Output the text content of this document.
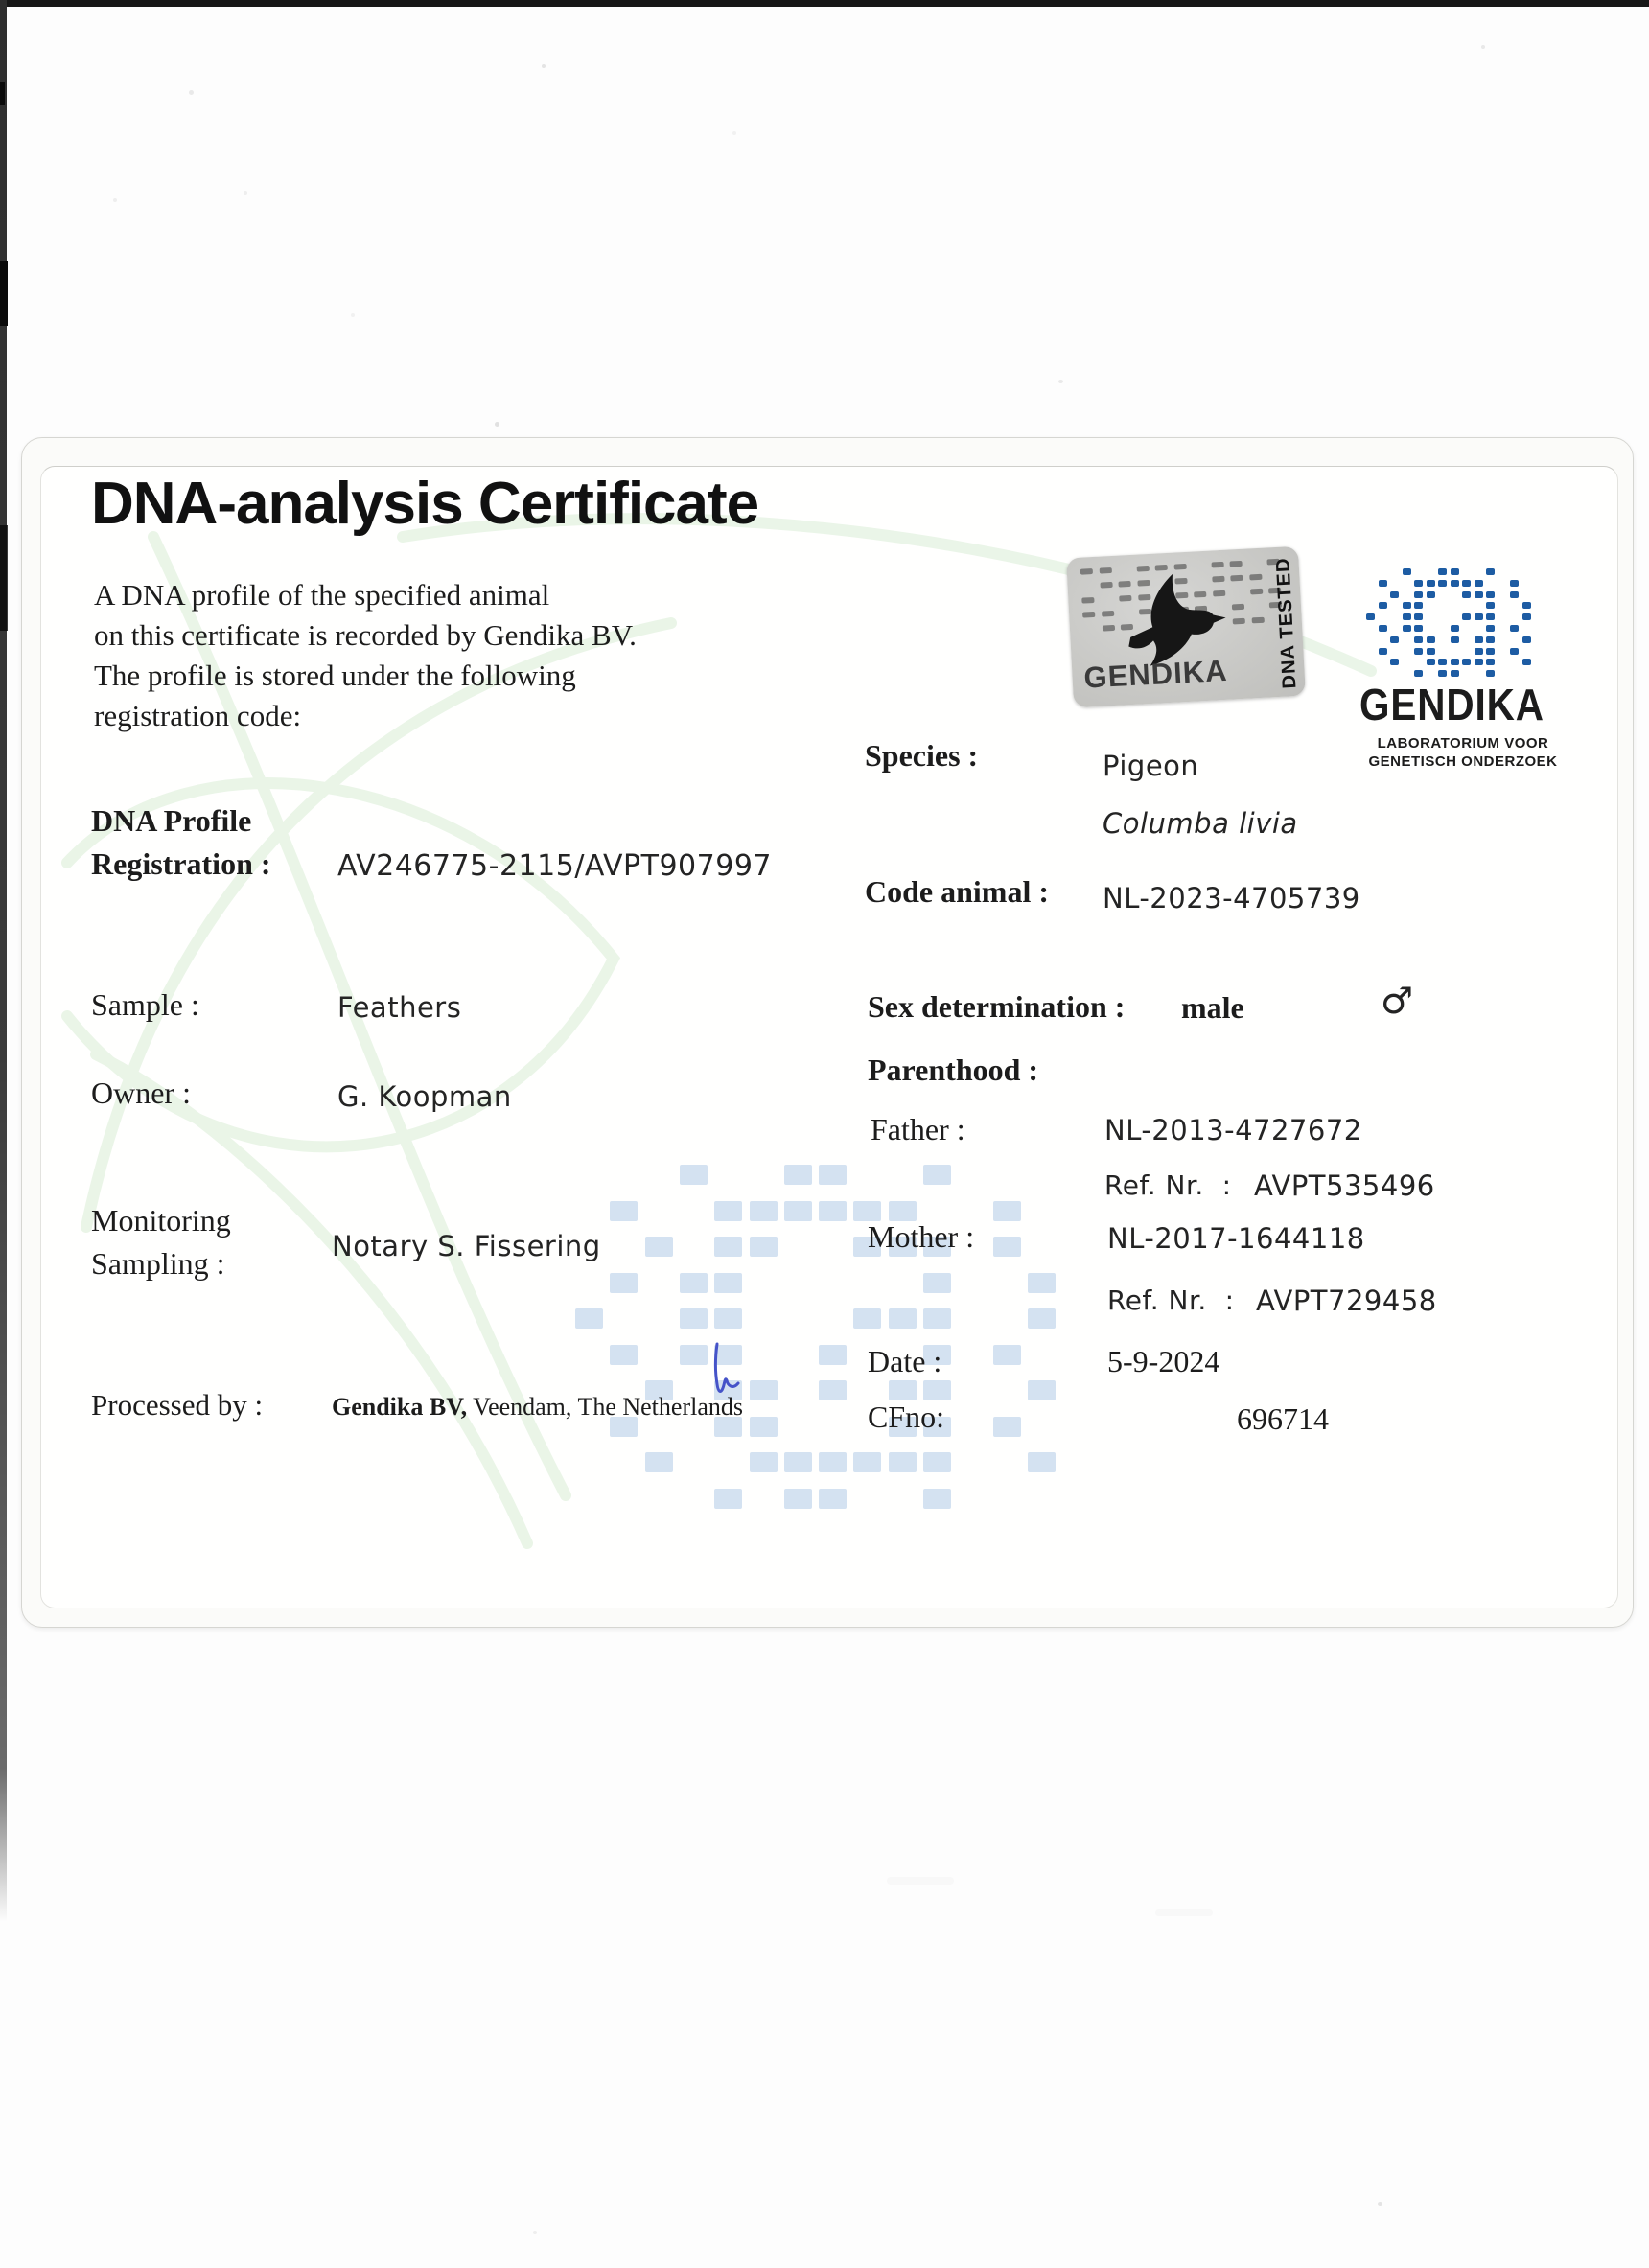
DNA-analysis Certificate
A DNA profile of the specified animal
on this certificate is recorded by Gendika BV.
The profile is stored under the following
registration code:
DNA Profile
Registration : AV246775-2115/AVPT907997
Sample :	Feathers
Owner :	G. Koopman
Monitoring
Sampling :	Notary S. Fissering
Processed by :	Gendika BV, Veendam, The Netherlands
Species :	Pigeon
Columba livia
Code animal : NL-2023-4705739
Sex determination : male	♂
Parenthood :
Father :	NL-2013-4727672
Ref. Nr.  : AVPT535496
Mother :	NL-2017-1644118
Ref. Nr.  : AVPT729458
Date :	5-9-2024
CFno:	696714
GENDIKA DNA TESTED
GENDIKA
LABORATORIUM VOOR
GENETISCH ONDERZOEK
